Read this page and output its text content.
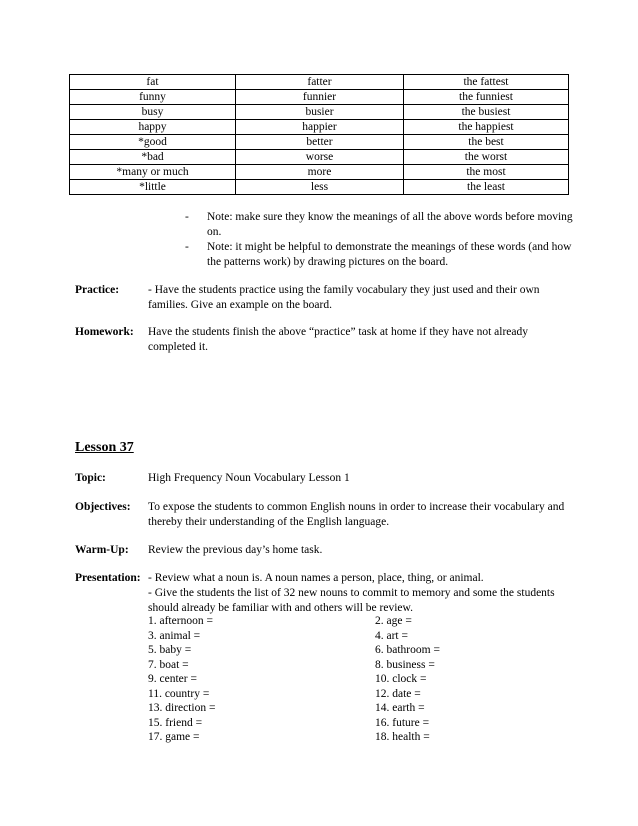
fat	fatter	the fattest
funny	funnier	the funniest
busy	busier	the busiest
happy	happier	the happiest
*good	better	the best
*bad	worse	the worst
*many or much	more	the most
*little	less	the least
-	Note: make sure they know the meanings of all the above words before moving on.
-	Note: it might be helpful to demonstrate the meanings of these words (and how the patterns work) by drawing pictures on the board.
Practice:	- Have the students practice using the family vocabulary they just used and their own families. Give an example on the board.
Homework:	Have the students finish the above “practice” task at home if they have not already completed it.
Lesson 37
Topic:	High Frequency Noun Vocabulary Lesson 1
Objectives:	To expose the students to common English nouns in order to increase their vocabulary and thereby their understanding of the English language.
Warm-Up:	Review the previous day’s home task.
Presentation: - Review what a noun is. A noun names a person, place, thing, or animal.
- Give the students the list of 32 new nouns to commit to memory and some the students should already be familiar with and others will be review.
1. afternoon =	2. age =
3. animal =	4. art =
5. baby =	6. bathroom =
7. boat =	8. business =
9. center =	10. clock =
11. country =	12. date =
13. direction =	14. earth =
15. friend =	16. future =
17. game =	18. health =
